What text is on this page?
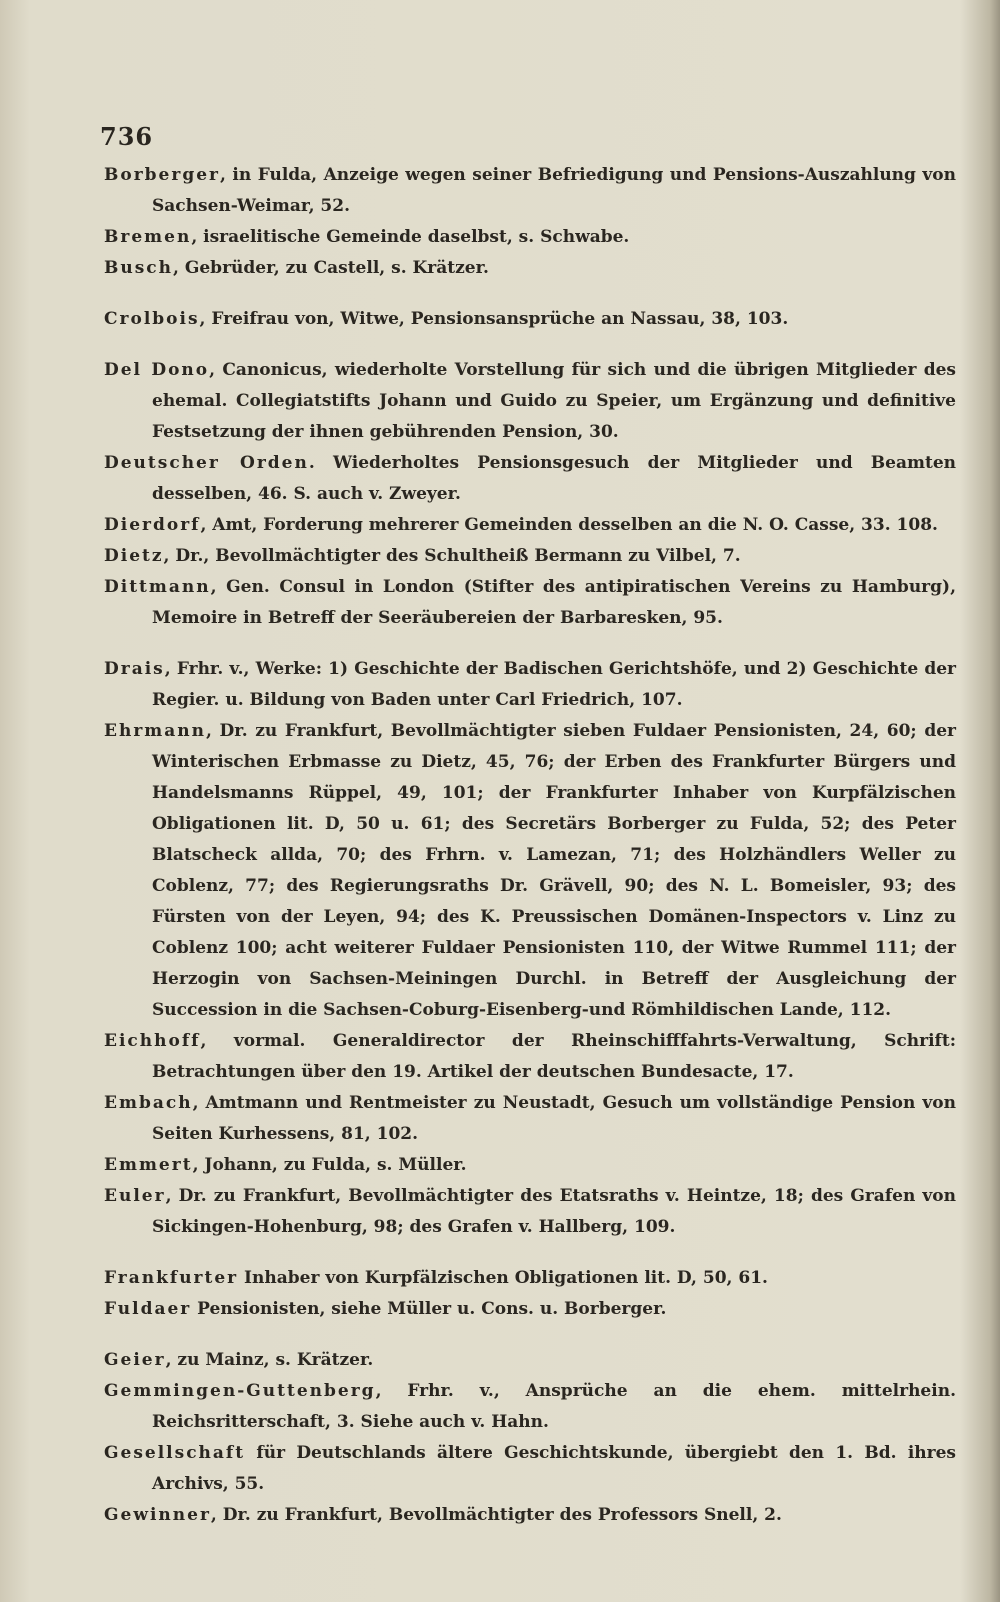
736

Borberger, in Fulda, Anzeige wegen seiner Befriedigung und Pensions-Auszahlung von Sachsen-Weimar, 52.

Bremen, israelitische Gemeinde daselbst, s. Schwabe.

Busch, Gebrüder, zu Castell, s. Krätzer.

Crolbois, Freifrau von, Witwe, Pensionsansprüche an Nassau, 38, 103.

Del Dono, Canonicus, wiederholte Vorstellung für sich und die übrigen Mitglieder des ehemal. Collegiatstifts Johann und Guido zu Speier, um Ergänzung und definitive Festsetzung der ihnen gebührenden Pension, 30.

Deutscher Orden. Wiederholtes Pensionsgesuch der Mitglieder und Beamten desselben, 46. S. auch v. Zweyer.

Dierdorf, Amt, Forderung mehrerer Gemeinden desselben an die N. O. Casse, 33. 108.

Dietz, Dr., Bevollmächtigter des Schultheiß Bermann zu Vilbel, 7.

Dittmann, Gen. Consul in London (Stifter des antipiratischen Vereins zu Hamburg), Memoire in Betreff der Seeräubereien der Barbaresken, 95.

Drais, Frhr. v., Werke: 1) Geschichte der Badischen Gerichtshöfe, und 2) Geschichte der Regier. u. Bildung von Baden unter Carl Friedrich, 107.

Ehrmann, Dr. zu Frankfurt, Bevollmächtigter sieben Fuldaer Pensionisten, 24, 60; der Winterischen Erbmasse zu Dietz, 45, 76; der Erben des Frankfurter Bürgers und Handelsmanns Rüppel, 49, 101; der Frankfurter Inhaber von Kurpfälzischen Obligationen lit. D, 50 u. 61; des Secretärs Borberger zu Fulda, 52; des Peter Blatscheck allda, 70; des Frhrn. v. Lamezan, 71; des Holzhändlers Weller zu Coblenz, 77; des Regierungsraths Dr. Grävell, 90; des N. L. Bomeisler, 93; des Fürsten von der Leyen, 94; des K. Preussischen Domänen-Inspectors v. Linz zu Coblenz 100; acht weiterer Fuldaer Pensionisten 110, der Witwe Rummel 111; der Herzogin von Sachsen-Meiningen Durchl. in Betreff der Ausgleichung der Succession in die Sachsen-Coburg-Eisenberg-und Römhildischen Lande, 112.

Eichhoff, vormal. Generaldirector der Rheinschifffahrts-Verwaltung, Schrift: Betrachtungen über den 19. Artikel der deutschen Bundesacte, 17.

Embach, Amtmann und Rentmeister zu Neustadt, Gesuch um vollständige Pension von Seiten Kurhessens, 81, 102.

Emmert, Johann, zu Fulda, s. Müller.

Euler, Dr. zu Frankfurt, Bevollmächtigter des Etatsraths v. Heintze, 18; des Grafen von Sickingen-Hohenburg, 98; des Grafen v. Hallberg, 109.

Frankfurter Inhaber von Kurpfälzischen Obligationen lit. D, 50, 61.

Fuldaer Pensionisten, siehe Müller u. Cons. u. Borberger.

Geier, zu Mainz, s. Krätzer.

Gemmingen-Guttenberg, Frhr. v., Ansprüche an die ehem. mittelrhein. Reichsritterschaft, 3. Siehe auch v. Hahn.

Gesellschaft für Deutschlands ältere Geschichtskunde, übergiebt den 1. Bd. ihres Archivs, 55.

Gewinner, Dr. zu Frankfurt, Bevollmächtigter des Professors Snell, 2.
